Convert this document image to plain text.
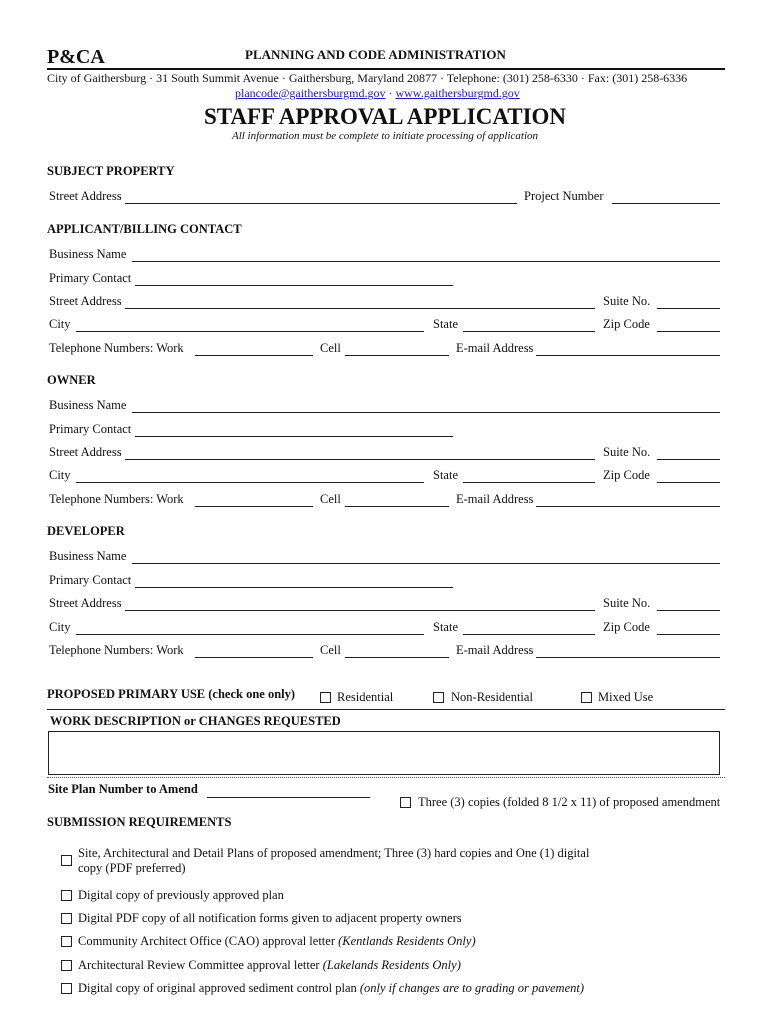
P&CA	PLANNING AND CODE ADMINISTRATION
City of Gaithersburg · 31 South Summit Avenue · Gaithersburg, Maryland 20877 · Telephone: (301) 258-6330 · Fax: (301) 258-6336
plancode@gaithersburgmd.gov · www.gaithersburgmd.gov
STAFF APPROVAL APPLICATION
All information must be complete to initiate processing of application
SUBJECT PROPERTY
Street Address	Project Number
APPLICANT/BILLING CONTACT
Business Name
Primary Contact
Street Address	Suite No.
City	State	Zip Code
Telephone Numbers: Work	Cell	E-mail Address
OWNER
Business Name
Primary Contact
Street Address	Suite No.
City	State	Zip Code
Telephone Numbers: Work	Cell	E-mail Address
DEVELOPER
Business Name
Primary Contact
Street Address	Suite No.
City	State	Zip Code
Telephone Numbers: Work	Cell	E-mail Address
PROPOSED PRIMARY USE (check one only)	Residential	Non-Residential	Mixed Use
WORK DESCRIPTION or CHANGES REQUESTED
Site Plan Number to Amend
Three (3) copies (folded 8 1/2 x 11) of proposed amendment
SUBMISSION REQUIREMENTS
Site, Architectural and Detail Plans of proposed amendment; Three (3) hard copies and One (1) digital
copy (PDF preferred)
Digital copy of previously approved plan
Digital PDF copy of all notification forms given to adjacent property owners
Community Architect Office (CAO) approval letter (Kentlands Residents Only)
Architectural Review Committee approval letter (Lakelands Residents Only)
Digital copy of original approved sediment control plan (only if changes are to grading or pavement)
